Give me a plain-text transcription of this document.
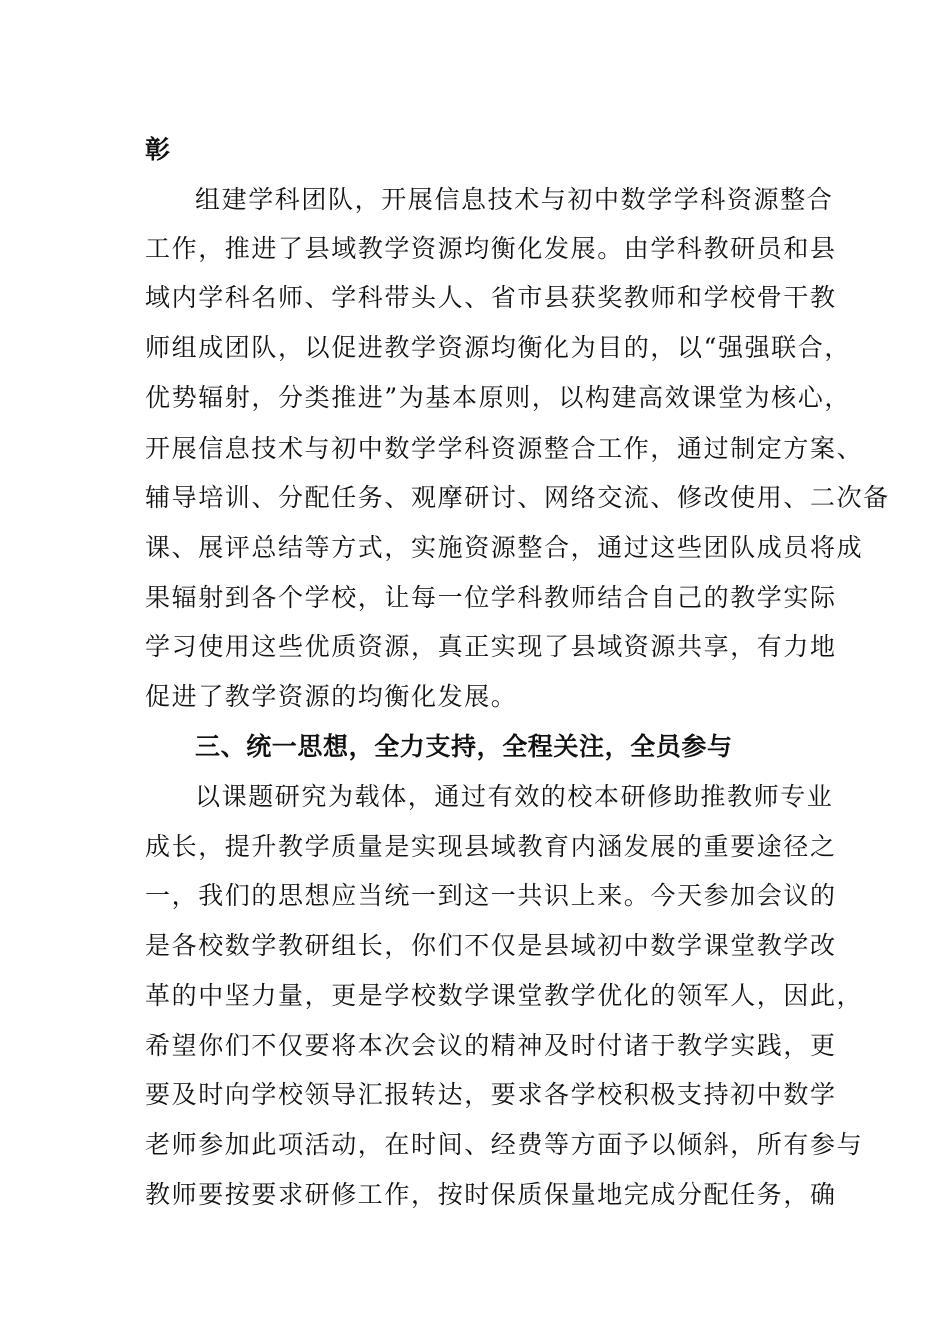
彰
组建学科团队，开展信息技术与初中数学学科资源整合
工作，推进了县域教学资源均衡化发展。由学科教研员和县
域内学科名师、学科带头人、省市县获奖教师和学校骨干教
师组成团队，以促进教学资源均衡化为目的，以“强强联合，
优势辐射，分类推进”为基本原则，以构建高效课堂为核心，
开展信息技术与初中数学学科资源整合工作，通过制定方案、
辅导培训、分配任务、观摩研讨、网络交流、修改使用、二次备
课、展评总结等方式，实施资源整合，通过这些团队成员将成
果辐射到各个学校，让每一位学科教师结合自己的教学实际
学习使用这些优质资源，真正实现了县域资源共享，有力地
促进了教学资源的均衡化发展。
三、统一思想，全力支持，全程关注，全员参与
以课题研究为载体，通过有效的校本研修助推教师专业
成长，提升教学质量是实现县域教育内涵发展的重要途径之
一，我们的思想应当统一到这一共识上来。今天参加会议的
是各校数学教研组长，你们不仅是县域初中数学课堂教学改
革的中坚力量，更是学校数学课堂教学优化的领军人，因此，
希望你们不仅要将本次会议的精神及时付诸于教学实践，更
要及时向学校领导汇报转达，要求各学校积极支持初中数学
老师参加此项活动，在时间、经费等方面予以倾斜，所有参与
教师要按要求研修工作，按时保质保量地完成分配任务，确
